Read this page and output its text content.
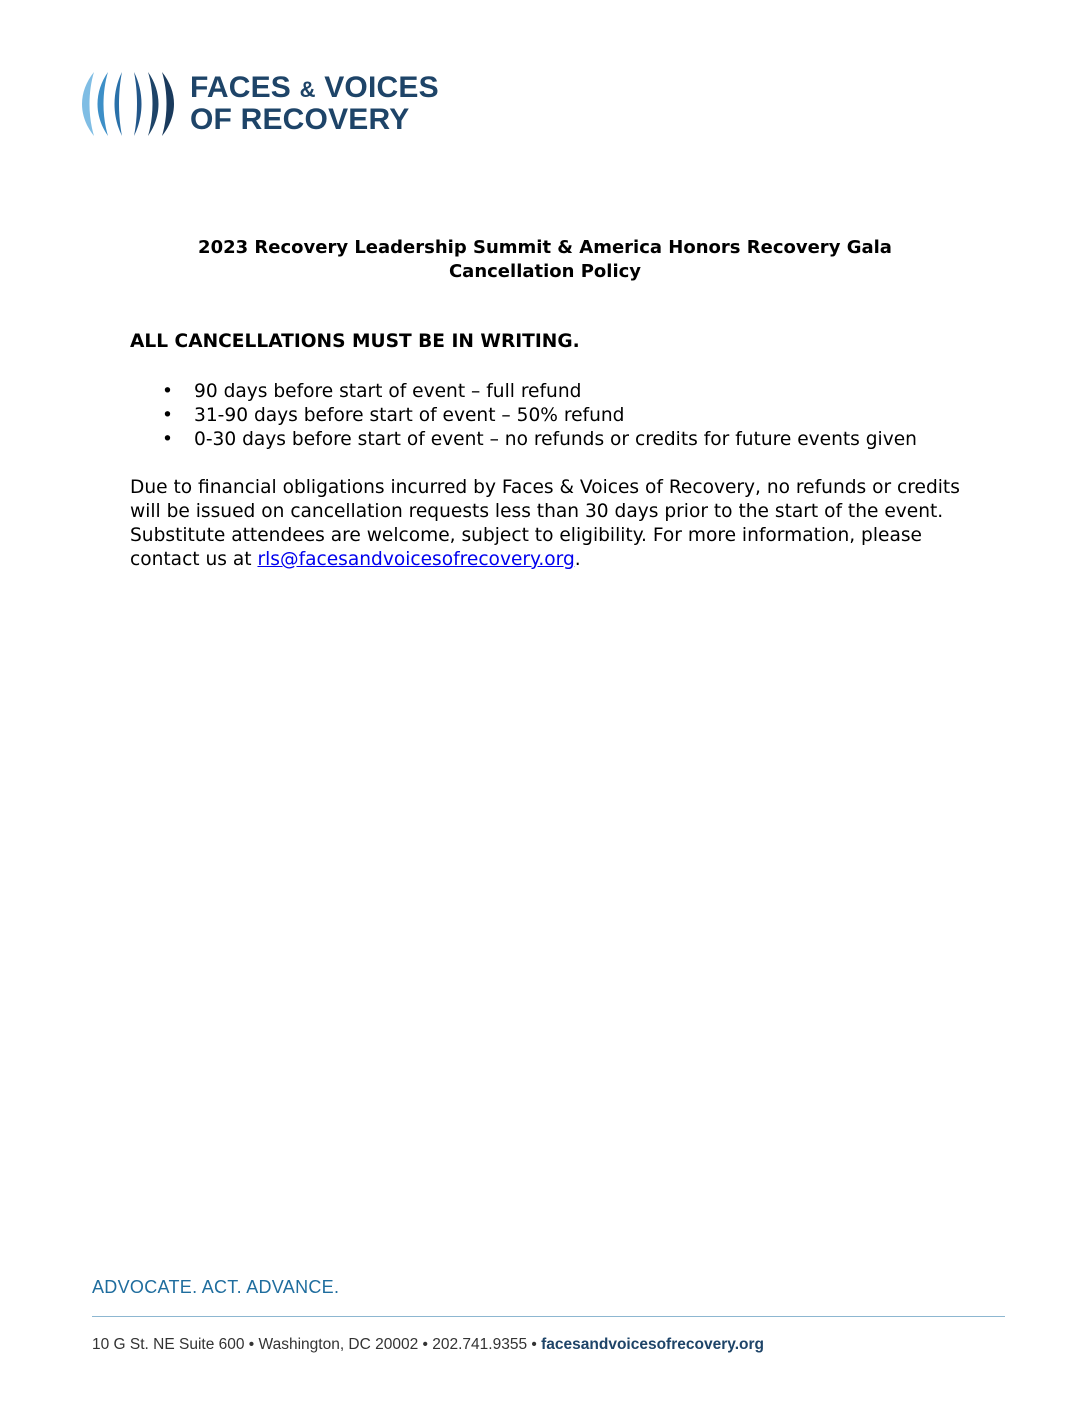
FACES & VOICES
OF RECOVERY
2023 Recovery Leadership Summit & America Honors Recovery Gala
Cancellation Policy

ALL CANCELLATIONS MUST BE IN WRITING.

• 90 days before start of event – full refund
• 31-90 days before start of event – 50% refund
• 0-30 days before start of event – no refunds or credits for future events given

Due to financial obligations incurred by Faces & Voices of Recovery, no refunds or credits will be issued on cancellation requests less than 30 days prior to the start of the event. Substitute attendees are welcome, subject to eligibility. For more information, please contact us at rls@facesandvoicesofrecovery.org.

ADVOCATE. ACT. ADVANCE.
10 G St. NE Suite 600 • Washington, DC 20002 • 202.741.9355 • facesandvoicesofrecovery.org
